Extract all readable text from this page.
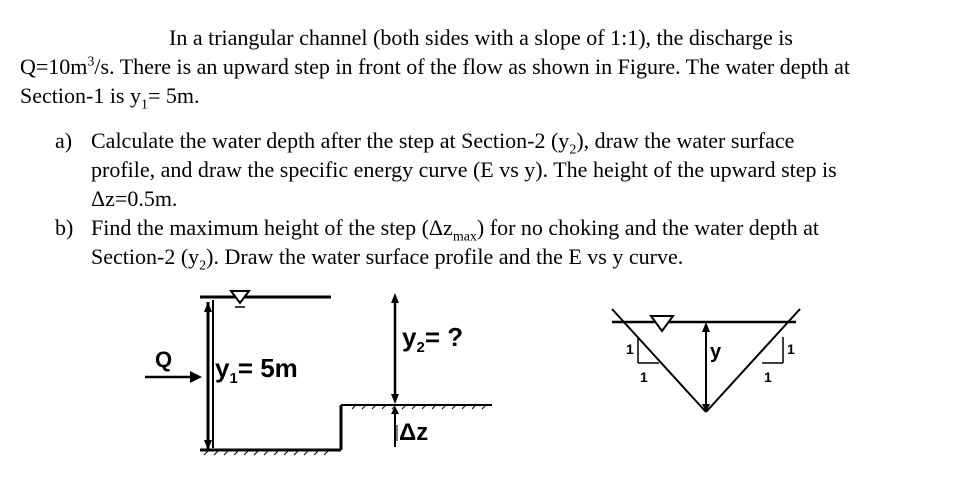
In a triangular channel (both sides with a slope of 1:1), the discharge is
$Q=10m^3/s$. There is an upward step in front of the flow as shown in Figure. The water depth at
Section-1 is $y_1= 5m$.
a) Calculate the water depth after the step at Section-2 $(y_2)$, draw the water surface
profile, and draw the specific energy curve (E vs y). The height of the upward step is
Δz=0.5m.
b) Find the maximum height of the step $(\Delta z_{max})$ for no choking and the water depth at
Section-2 $(y_2)$. Draw the water surface profile and the E vs y curve.
Q $y_1= 5m$
$y_2=$ ?
Δz
y
1
1
1
1
